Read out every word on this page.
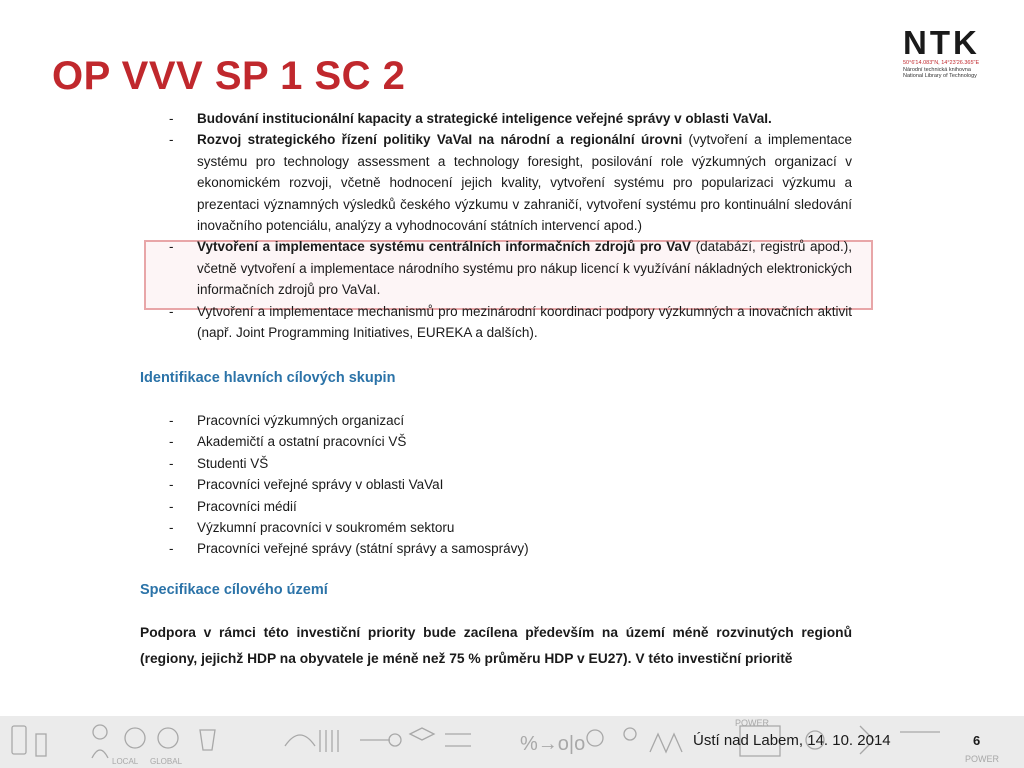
OP VVV SP 1 SC 2
NTK
50°6'14.083"N, 14°23'26.365"E
Národní technická knihovna
National Library of Technology
- Budování institucionální kapacity a strategické inteligence veřejné správy v oblasti VaVaI.
- Rozvoj strategického řízení politiky VaVaI na národní a regionální úrovni (vytvoření a implementace systému pro technology assessment a technology foresight, posilování role výzkumných organizací v ekonomickém rozvoji, včetně hodnocení jejich kvality, vytvoření systému pro popularizaci výzkumu a prezentaci významných výsledků českého výzkumu v zahraničí, vytvoření systému pro kontinuální sledování inovačního potenciálu, analýzy a vyhodnocování státních intervencí apod.)
- Vytvoření a implementace systému centrálních informačních zdrojů pro VaV (databází, registrů apod.), včetně vytvoření a implementace národního systému pro nákup licencí k využívání nákladných elektronických informačních zdrojů pro VaVaI.
- Vytvoření a implementace mechanismů pro mezinárodní koordinaci podpory výzkumných a inovačních aktivit (např. Joint Programming Initiatives, EUREKA a dalších).
Identifikace hlavních cílových skupin
- Pracovníci výzkumných organizací
- Akademičtí a ostatní pracovníci VŠ
- Studenti VŠ
- Pracovníci veřejné správy v oblasti VaVaI
- Pracovníci médií
- Výzkumní pracovníci v soukromém sektoru
- Pracovníci veřejné správy (státní správy a samosprávy)
Specifikace cílového území

Podpora v rámci této investiční priority bude zacílena především na území méně rozvinutých regionů (regiony, jejichž HDP na obyvatele je méně než 75 % průměru HDP v EU27). V této investiční prioritě

LOCAL GLOBAL
%→o|o
POWER
POWER
Ústí nad Labem, 14. 10. 2014	6
